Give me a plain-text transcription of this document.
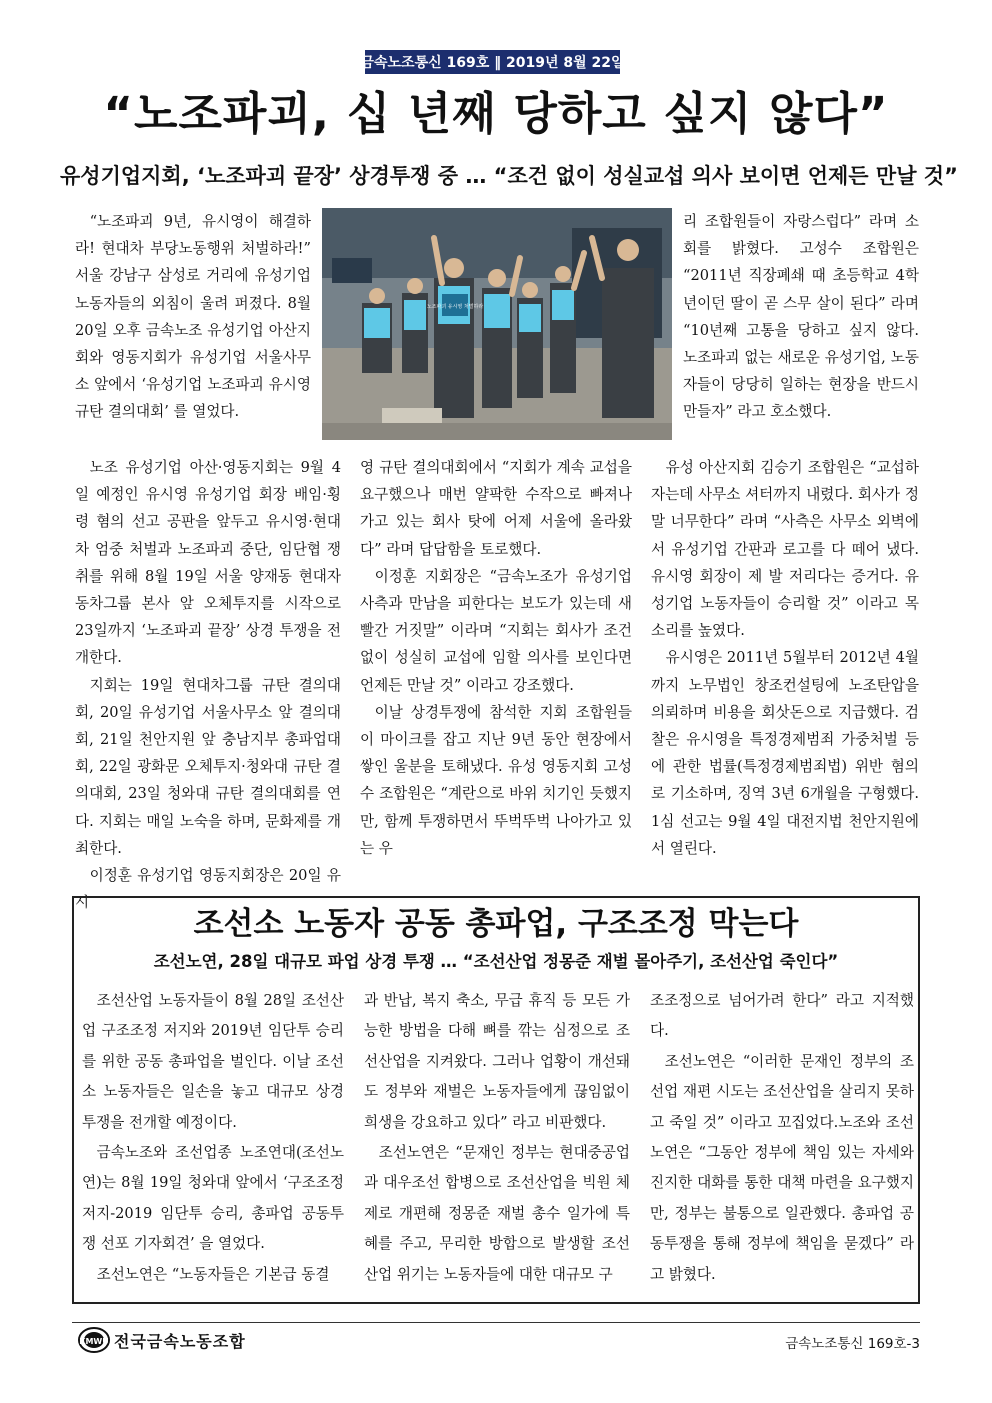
금속노조통신 169호 ‖ 2019년 8월 22일
“노조파괴, 십 년째 당하고 싶지 않다”
유성기업지회, ‘노조파괴 끝장’ 상경투쟁 중 … “조건 없이 성실교섭 의사 보이면 언제든 만날 것”

“노조파괴 9년, 유시영이 해결하라! 현대차 부당노동행위 처벌하라!” 서울 강남구 삼성로 거리에 유성기업 노동자들의 외침이 울려 퍼졌다. 8월 20일 오후 금속노조 유성기업 아산지회와 영동지회가 유성기업 서울사무소 앞에서 ‘유성기업 노조파괴 유시영 규탄 결의대회’ 를 열었다.

노조파괴 유시영 처벌하라

리 조합원들이 자랑스럽다” 라며 소회를 밝혔다. 고성수 조합원은 “2011년 직장폐쇄 때 초등학교 4학년이던 딸이 곧 스무 살이 된다” 라며 “10년째 고통을 당하고 싶지 않다. 노조파괴 없는 새로운 유성기업, 노동자들이 당당히 일하는 현장을 반드시 만들자” 라고 호소했다.

노조 유성기업 아산·영동지회는 9월 4일 예정인 유시영 유성기업 회장 배임·횡령 혐의 선고 공판을 앞두고 유시영·현대차 엄중 처벌과 노조파괴 중단, 임단협 쟁취를 위해 8월 19일 서울 양재동 현대자동차그룹 본사 앞 오체투지를 시작으로 23일까지 ‘노조파괴 끝장’ 상경 투쟁을 전개한다.

지회는 19일 현대차그룹 규탄 결의대회, 20일 유성기업 서울사무소 앞 결의대회, 21일 천안지원 앞 충남지부 총파업대회, 22일 광화문 오체투지·청와대 규탄 결의대회, 23일 청와대 규탄 결의대회를 연다. 지회는 매일 노숙을 하며, 문화제를 개최한다.

이정훈 유성기업 영동지회장은 20일 유시

영 규탄 결의대회에서 “지회가 계속 교섭을 요구했으나 매번 얄팍한 수작으로 빠져나가고 있는 회사 탓에 어제 서울에 올라왔다” 라며 답답함을 토로했다.

이정훈 지회장은 “금속노조가 유성기업 사측과 만남을 피한다는 보도가 있는데 새빨간 거짓말” 이라며 “지회는 회사가 조건 없이 성실히 교섭에 임할 의사를 보인다면 언제든 만날 것” 이라고 강조했다.

이날 상경투쟁에 참석한 지회 조합원들이 마이크를 잡고 지난 9년 동안 현장에서 쌓인 울분을 토해냈다. 유성 영동지회 고성수 조합원은 “계란으로 바위 치기인 듯했지만, 함께 투쟁하면서 뚜벅뚜벅 나아가고 있는 우

유성 아산지회 김승기 조합원은 “교섭하자는데 사무소 셔터까지 내렸다. 회사가 정말 너무한다” 라며 “사측은 사무소 외벽에서 유성기업 간판과 로고를 다 떼어 냈다. 유시영 회장이 제 발 저리다는 증거다. 유성기업 노동자들이 승리할 것” 이라고 목소리를 높였다.

유시영은 2011년 5월부터 2012년 4월까지 노무법인 창조컨설팅에 노조탄압을 의뢰하며 비용을 회삿돈으로 지급했다. 검찰은 유시영을 특정경제범죄 가중처벌 등에 관한 법률(특정경제범죄법) 위반 혐의로 기소하며, 징역 3년 6개월을 구형했다. 1심 선고는 9월 4일 대전지법 천안지원에서 열린다.

조선소 노동자 공동 총파업, 구조조정 막는다
조선노연, 28일 대규모 파업 상경 투쟁 … “조선산업 정몽준 재벌 몰아주기, 조선산업 죽인다”

조선산업 노동자들이 8월 28일 조선산업 구조조정 저지와 2019년 임단투 승리를 위한 공동 총파업을 벌인다. 이날 조선소 노동자들은 일손을 놓고 대규모 상경 투쟁을 전개할 예정이다.

금속노조와 조선업종 노조연대(조선노연)는 8월 19일 청와대 앞에서 ‘구조조정 저지-2019 임단투 승리, 총파업 공동투쟁 선포 기자회견’ 을 열었다.

조선노연은 “노동자들은 기본급 동결

과 반납, 복지 축소, 무급 휴직 등 모든 가능한 방법을 다해 뼈를 깎는 심정으로 조선산업을 지켜왔다. 그러나 업황이 개선돼도 정부와 재벌은 노동자들에게 끊임없이 희생을 강요하고 있다” 라고 비판했다.

조선노연은 “문재인 정부는 현대중공업과 대우조선 합병으로 조선산업을 빅원 체제로 개편해 정몽준 재벌 총수 일가에 특혜를 주고, 무리한 방합으로 발생할 조선산업 위기는 노동자들에 대한 대규모 구

조조정으로 넘어가려 한다” 라고 지적했다.

조선노연은 “이러한 문재인 정부의 조선업 재편 시도는 조선산업을 살리지 못하고 죽일 것” 이라고 꼬집었다.노조와 조선노연은 “그동안 정부에 책임 있는 자세와 진지한 대화를 통한 대책 마련을 요구했지만, 정부는 불통으로 일관했다. 총파업 공동투쟁을 통해 정부에 책임을 묻겠다” 라고 밝혔다.

KMWU 전국금속노동조합	금속노조통신 169호-3
